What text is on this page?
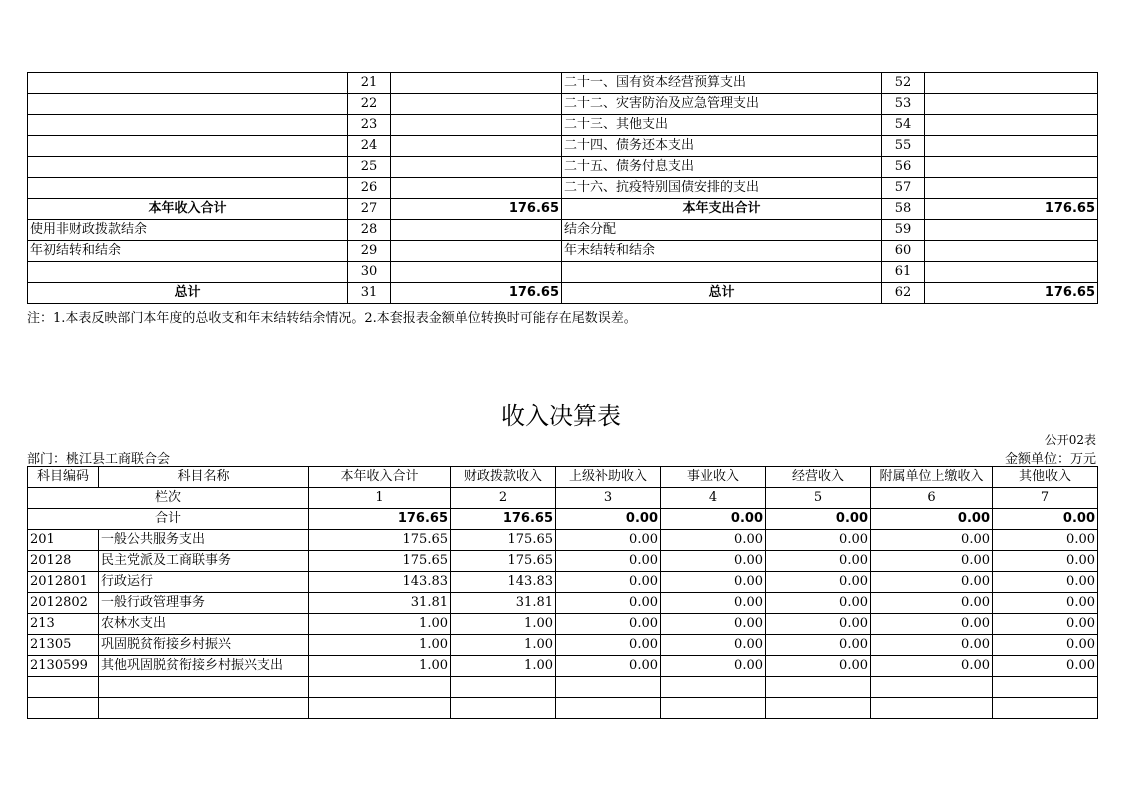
	21		二十一、国有资本经营预算支出	52	
	22		二十二、灾害防治及应急管理支出	53	
	23		二十三、其他支出	54	
	24		二十四、债务还本支出	55	
	25		二十五、债务付息支出	56	
	26		二十六、抗疫特别国债安排的支出	57	
本年收入合计	27	176.65	本年支出合计	58	176.65
使用非财政拨款结余	28		结余分配	59	
年初结转和结余	29		年末结转和结余	60	
	30			61	
总计	31	176.65	总计	62	176.65
注：1.本表反映部门本年度的总收支和年末结转结余情况。2.本套报表金额单位转换时可能存在尾数误差。
收入决算表
公开02表
部门：桃江县工商联合会	金额单位：万元
科目编码	科目名称	本年收入合计	财政拨款收入	上级补助收入	事业收入	经营收入	附属单位上缴收入	其他收入
栏次		1	2	3	4	5	6	7
合计		176.65	176.65	0.00	0.00	0.00	0.00	0.00
201	一般公共服务支出	175.65	175.65	0.00	0.00	0.00	0.00	0.00
20128	民主党派及工商联事务	175.65	175.65	0.00	0.00	0.00	0.00	0.00
2012801	行政运行	143.83	143.83	0.00	0.00	0.00	0.00	0.00
2012802	一般行政管理事务	31.81	31.81	0.00	0.00	0.00	0.00	0.00
213	农林水支出	1.00	1.00	0.00	0.00	0.00	0.00	0.00
21305	巩固脱贫衔接乡村振兴	1.00	1.00	0.00	0.00	0.00	0.00	0.00
2130599	其他巩固脱贫衔接乡村振兴支出	1.00	1.00	0.00	0.00	0.00	0.00	0.00
